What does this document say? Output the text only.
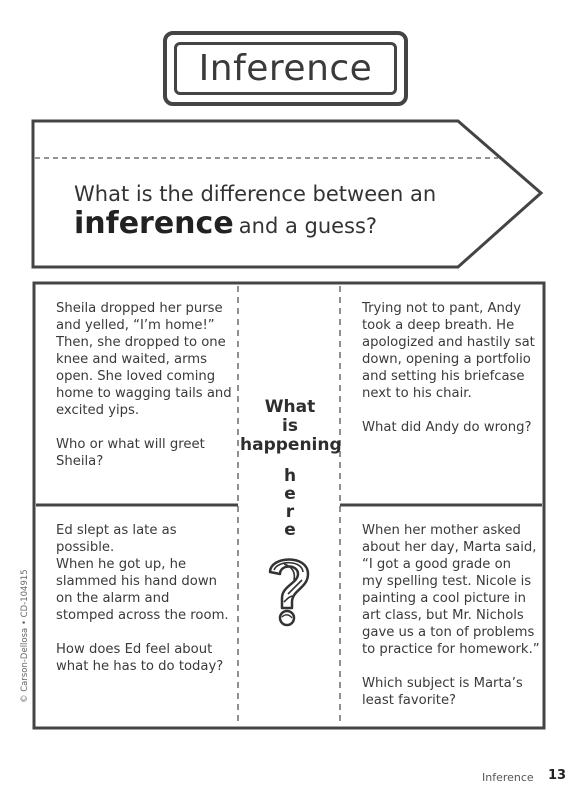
Inference
What is the difference between an
inference and a guess?

Sheila dropped her purse
and yelled, “I’m home!”
Then, she dropped to one
knee and waited, arms
open. She loved coming
home to wagging tails and
excited yips.

Who or what will greet
Sheila?

Trying not to pant, Andy
took a deep breath. He
apologized and hastily sat
down, opening a portfolio
and setting his briefcase
next to his chair.

What did Andy do wrong?

Ed slept as late as possible.
When he got up, he
slammed his hand down
on the alarm and
stomped across the room.

How does Ed feel about
what he has to do today?

When her mother asked
about her day, Marta said,
“I got a good grade on
my spelling test. Nicole is
painting a cool picture in
art class, but Mr. Nichols
gave us a ton of problems
to practice for homework.”

Which subject is Marta’s
least favorite?

What
is
happening
h
e
r
e
© Carson-Dellosa • CD-104915
Inference 13
